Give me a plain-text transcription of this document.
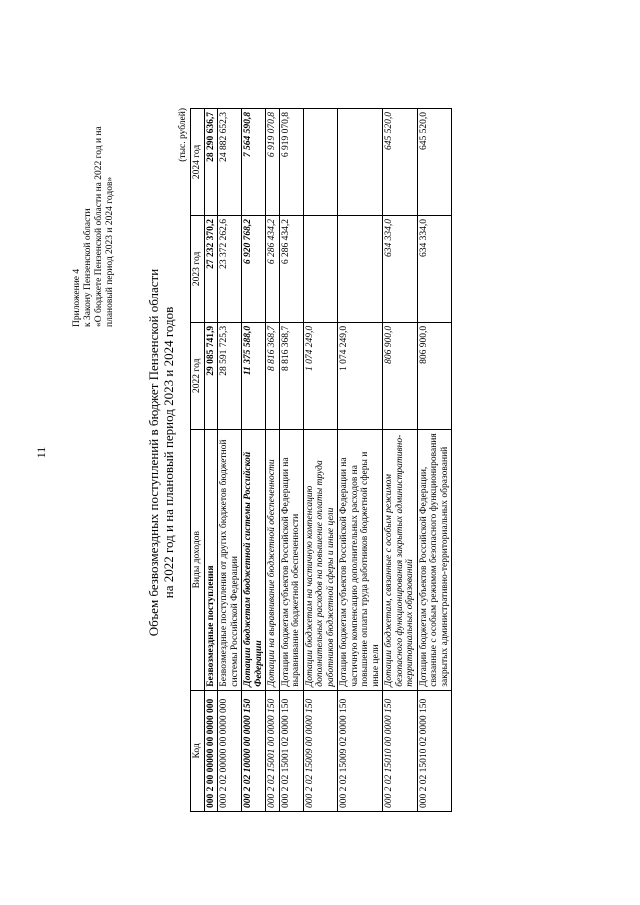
11
Приложение 4 к Закону Пензенской области «О бюджете Пензенской области на 2022 год и на плановый период 2023 и 2024 годов»
Объем безвозмездных поступлений в бюджет Пензенской области на 2022 год и на плановый период 2023 и 2024 годов
(тыс. рублей)
Код	Виды доходов	2022 год	2023 год	2024 год
000 2 00 00000 00 0000 000	Безвозмездные поступления	29 085 741,9	27 232 370,2	28 290 636,7
000 2 02 00000 00 0000 000	Безвозмездные поступления от других бюджетов бюджетной системы Российской Федерации	28 591 725,3	23 372 262,6	24 882 652,3
000 2 02 10000 00 0000 150	Дотации бюджетам бюджетной системы Российской Федерации	11 375 588,0	6 920 768,2	7 564 590,8
000 2 02 15001 00 0000 150	Дотации на выравнивание бюджетной обеспеченности	8 816 368,7	6 286 434,2	6 919 070,8
000 2 02 15001 02 0000 150	Дотации бюджетам субъектов Российской Федерации на выравнивание бюджетной обеспеченности	8 816 368,7	6 286 434,2	6 919 070,8
000 2 02 15009 00 0000 150	Дотации бюджетам на частичную компенсацию дополнительных расходов на повышение оплаты труда работников бюджетной сферы и иные цели	1 074 249,0		
000 2 02 15009 02 0000 150	Дотации бюджетам субъектов Российской Федерации на частичную компенсацию дополнительных расходов на повышение оплаты труда работников бюджетной сферы и иные цели	1 074 249,0		
000 2 02 15010 00 0000 150	Дотации бюджетам, связанные с особым режимом безопасного функционирования закрытых административно-территориальных образований	806 900,0	634 334,0	645 520,0
000 2 02 15010 02 0000 150	Дотации бюджетам субъектов Российской Федерации, связанные с особым режимом безопасного функционирования закрытых административно-территориальных образований	806 900,0	634 334,0	645 520,0
